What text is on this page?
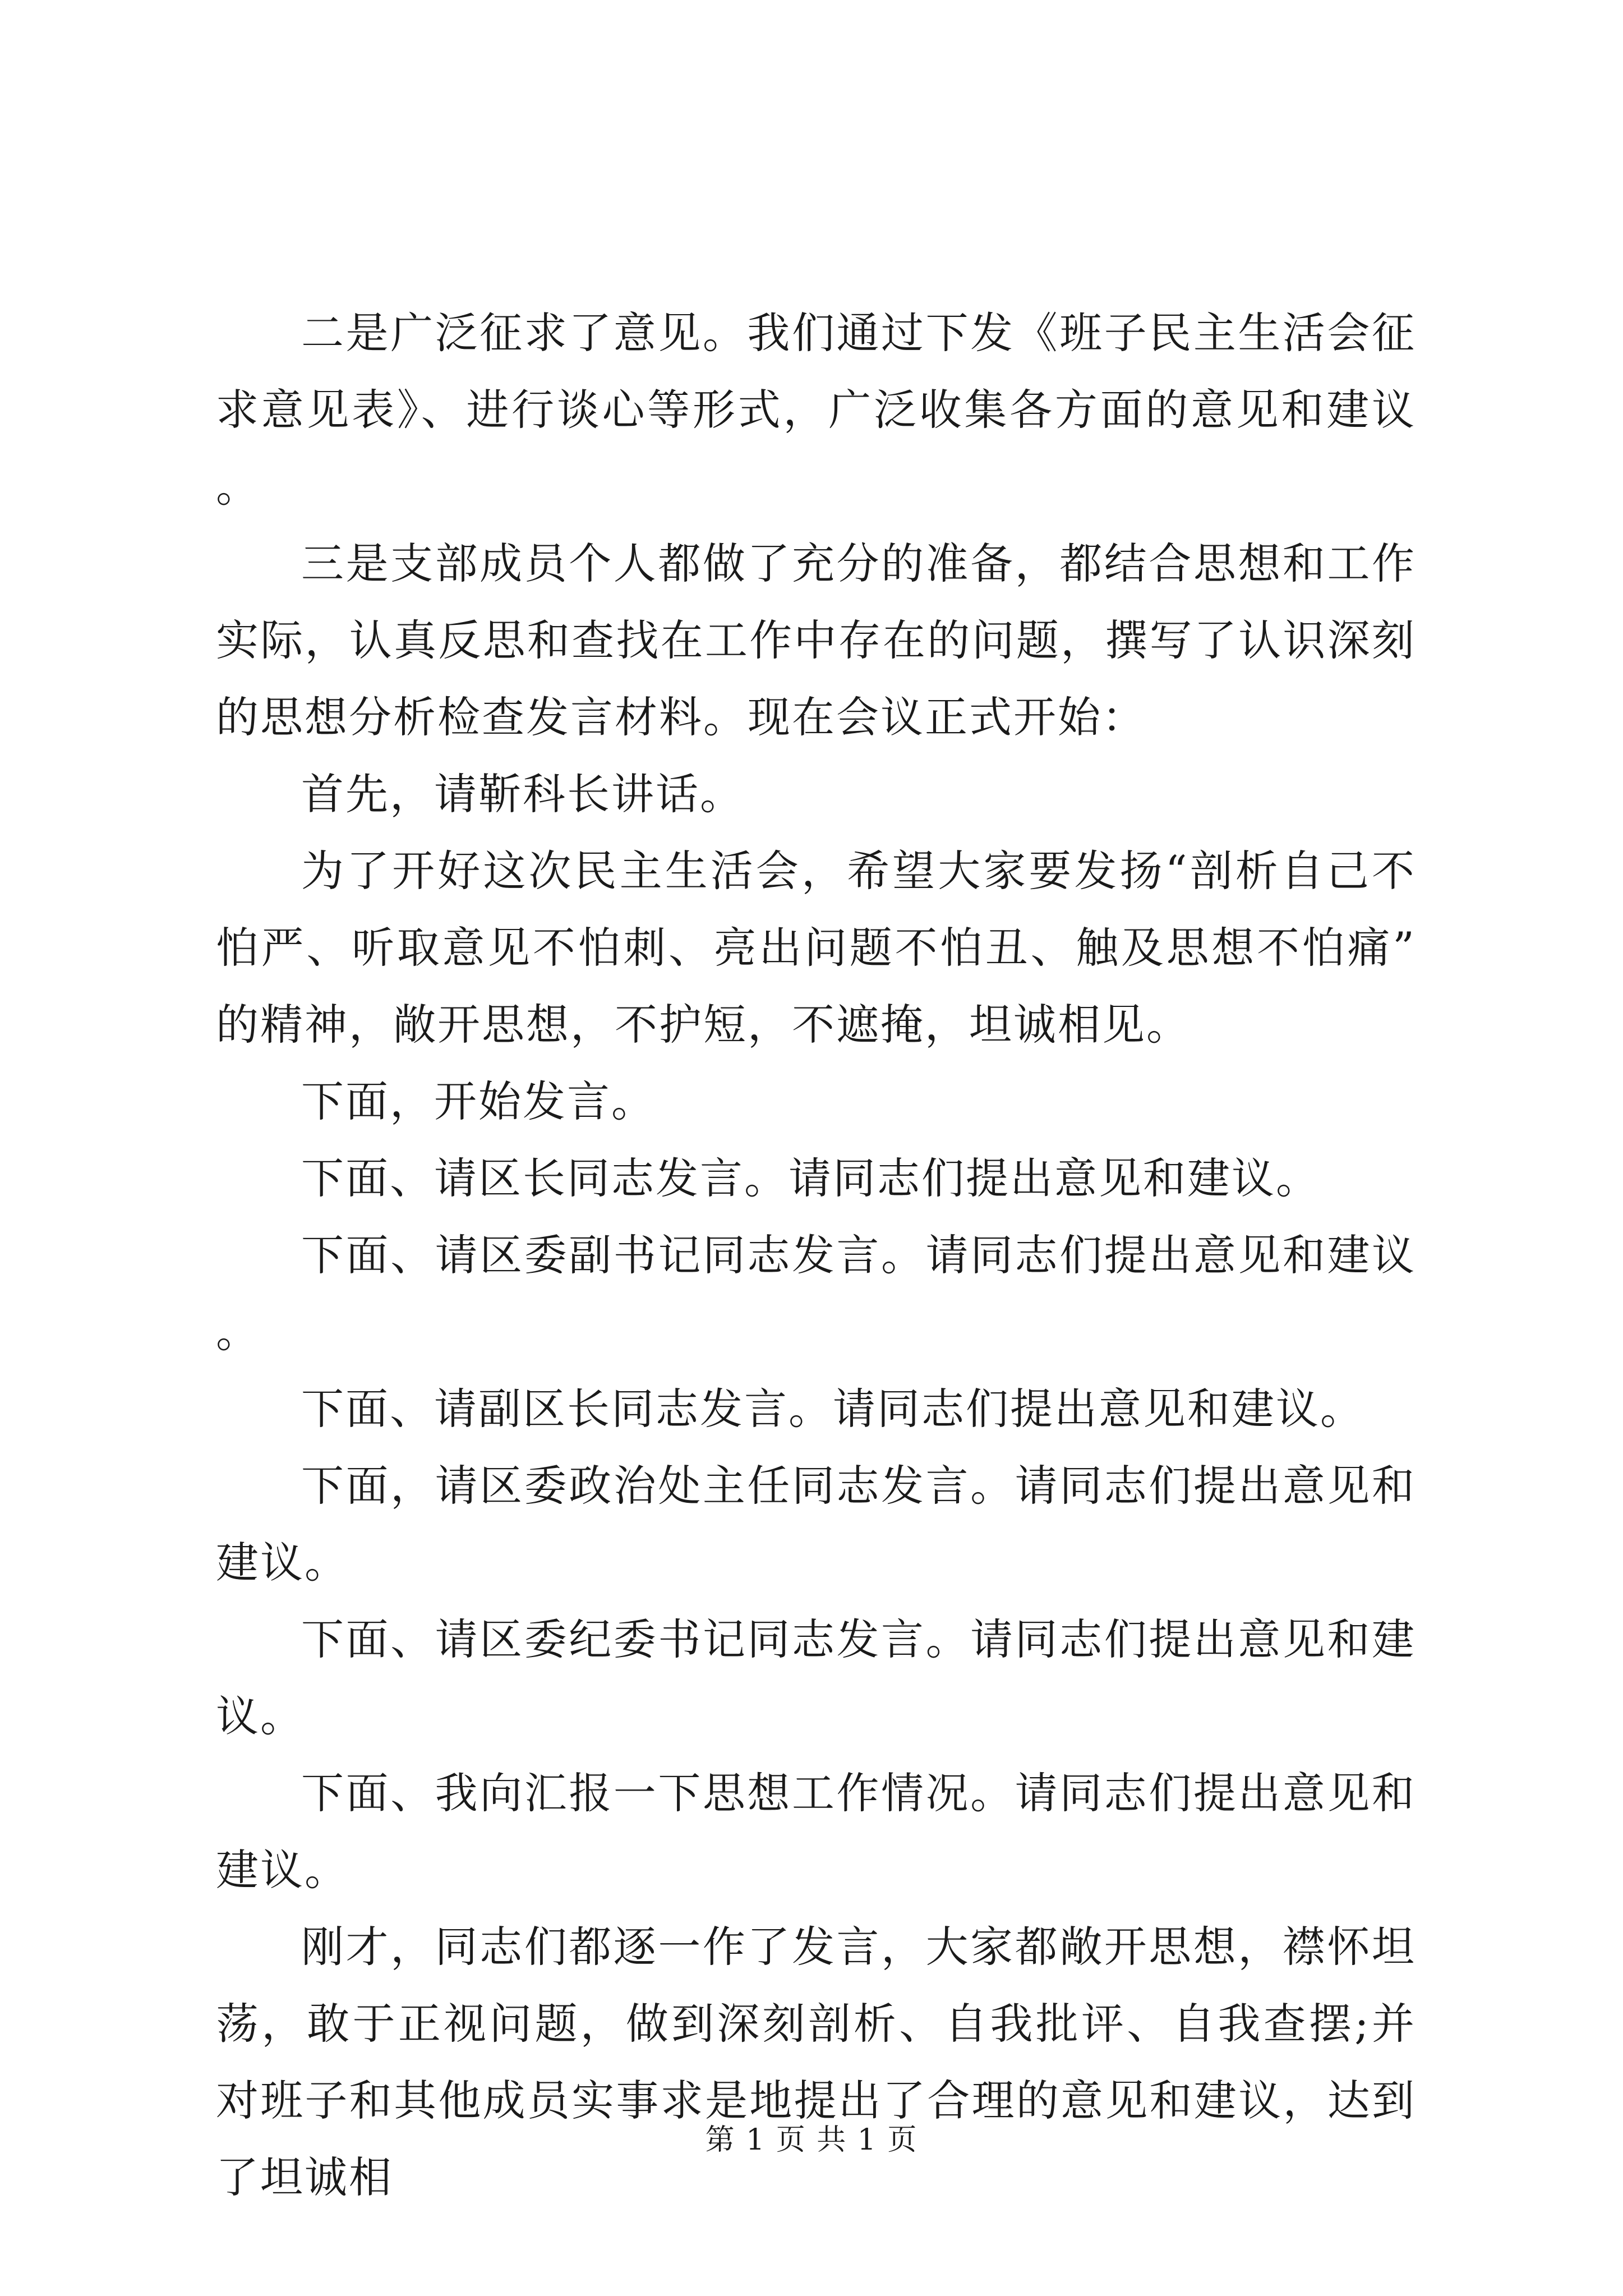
二是广泛征求了意见。我们通过下发《班子民主生活会征求意见表》、进行谈心等形式，广泛收集各方面的意见和建议。

三是支部成员个人都做了充分的准备，都结合思想和工作实际，认真反思和查找在工作中存在的问题，撰写了认识深刻的思想分析检查发言材料。现在会议正式开始：

首先，请靳科长讲话。

为了开好这次民主生活会，希望大家要发扬“剖析自己不怕严、听取意见不怕刺、亮出问题不怕丑、触及思想不怕痛”的精神，敞开思想，不护短，不遮掩，坦诚相见。

下面，开始发言。

下面、请区长同志发言。请同志们提出意见和建议。

下面、请区委副书记同志发言。请同志们提出意见和建议。

下面、请副区长同志发言。请同志们提出意见和建议。

下面，请区委政治处主任同志发言。请同志们提出意见和建议。

下面、请区委纪委书记同志发言。请同志们提出意见和建议。

下面、我向汇报一下思想工作情况。请同志们提出意见和建议。

刚才，同志们都逐一作了发言，大家都敞开思想，襟怀坦荡，敢于正视问题，做到深刻剖析、自我批评、自我查摆;并对班子和其他成员实事求是地提出了合理的意见和建议，达到了坦诚相

第 1 页 共 1 页
